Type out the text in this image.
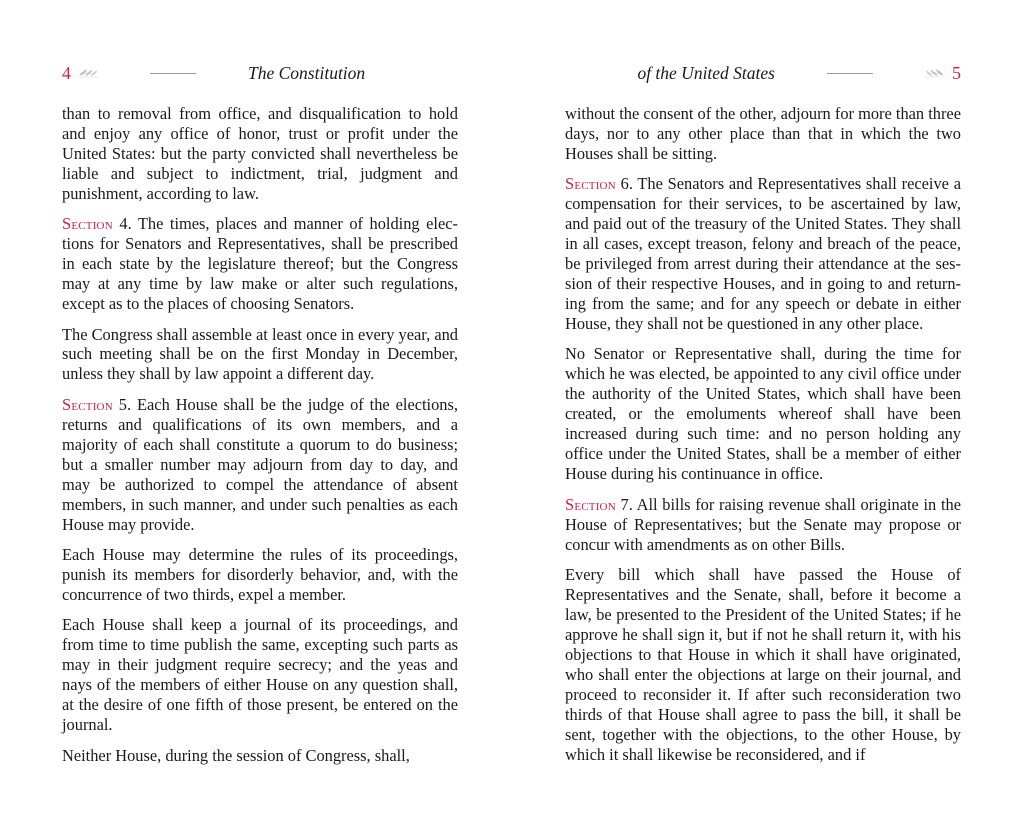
4	The Constitution	of the United States	5

than to removal from office, and disqualification to hold and enjoy any office of honor, trust or profit under the United States: but the party convicted shall nevertheless be liable and subject to indictment, trial, judgment and punishment, according to law.

Section 4. The times, places and manner of holding elections for Senators and Representatives, shall be prescribed in each state by the legislature thereof; but the Congress may at any time by law make or alter such regulations, except as to the places of choosing Senators.

The Congress shall assemble at least once in every year, and such meeting shall be on the first Monday in December, unless they shall by law appoint a different day.

Section 5. Each House shall be the judge of the elections, returns and qualifications of its own members, and a majority of each shall constitute a quorum to do business; but a smaller number may adjourn from day to day, and may be authorized to compel the attendance of absent members, in such manner, and under such penalties as each House may provide.

Each House may determine the rules of its proceedings, punish its members for disorderly behavior, and, with the concurrence of two thirds, expel a member.

Each House shall keep a journal of its proceedings, and from time to time publish the same, excepting such parts as may in their judgment require secrecy; and the yeas and nays of the members of either House on any question shall, at the desire of one fifth of those present, be entered on the journal.

Neither House, during the session of Congress, shall,

without the consent of the other, adjourn for more than three days, nor to any other place than that in which the two Houses shall be sitting.

Section 6. The Senators and Representatives shall receive a compensation for their services, to be ascertained by law, and paid out of the treasury of the United States. They shall in all cases, except treason, felony and breach of the peace, be privileged from arrest during their attendance at the session of their respective Houses, and in going to and returning from the same; and for any speech or debate in either House, they shall not be questioned in any other place.

No Senator or Representative shall, during the time for which he was elected, be appointed to any civil office under the authority of the United States, which shall have been created, or the emoluments whereof shall have been increased during such time: and no person holding any office under the United States, shall be a member of either House during his continuance in office.

Section 7. All bills for raising revenue shall originate in the House of Representatives; but the Senate may propose or concur with amendments as on other Bills.

Every bill which shall have passed the House of Representatives and the Senate, shall, before it become a law, be presented to the President of the United States; if he approve he shall sign it, but if not he shall return it, with his objections to that House in which it shall have originated, who shall enter the objections at large on their journal, and proceed to reconsider it. If after such reconsideration two thirds of that House shall agree to pass the bill, it shall be sent, together with the objections, to the other House, by which it shall likewise be reconsidered, and if
